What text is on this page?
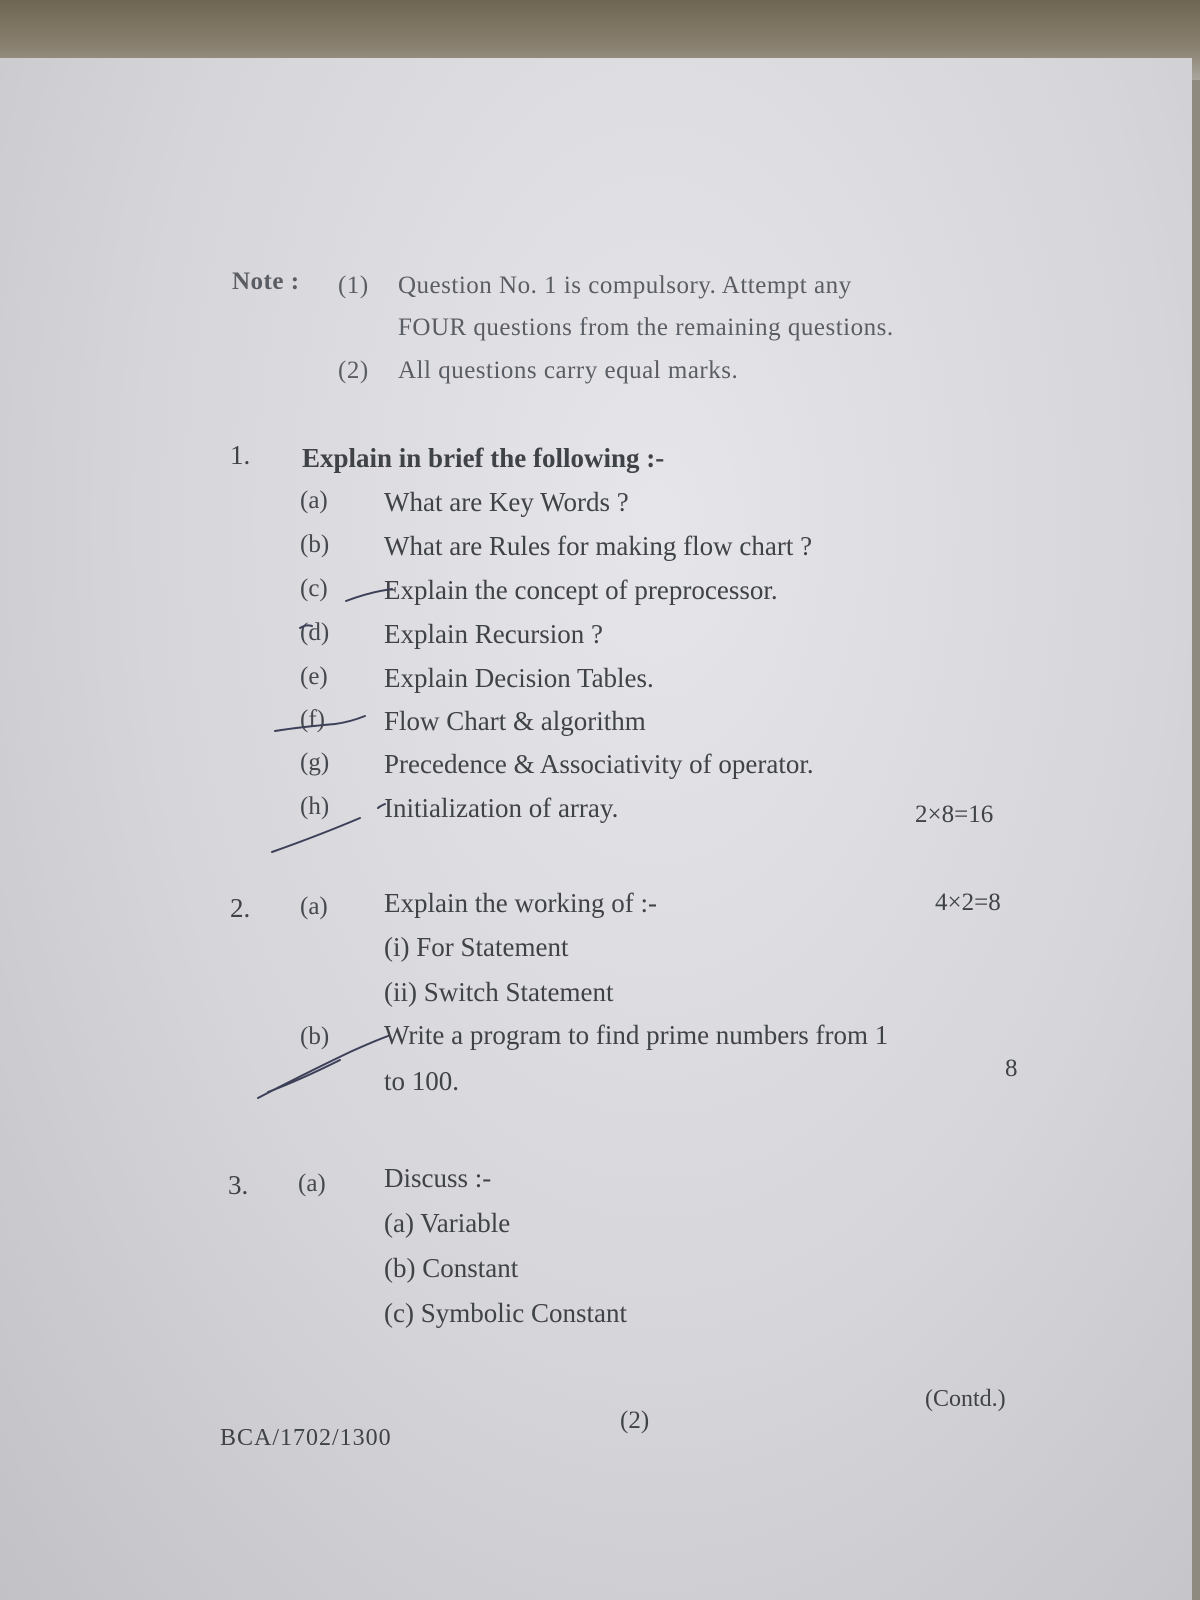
Note : (1) Question No. 1 is compulsory. Attempt any
FOUR questions from the remaining questions.
(2) All questions carry equal marks.
1. Explain in brief the following :-
(a) What are Key Words ?
(b) What are Rules for making flow chart ?
(c) Explain the concept of preprocessor.
(d) Explain Recursion ?
(e) Explain Decision Tables.
(f) Flow Chart & algorithm
(g) Precedence & Associativity of operator.
(h) Initialization of array.	2×8=16
2. (a) Explain the working of :-	4×2=8
(i) For Statement
(ii) Switch Statement
(b) Write a program to find prime numbers from 1
to 100.	8
3. (a) Discuss :-
(a) Variable
(b) Constant
(c) Symbolic Constant
BCA/1702/1300
(2)
(Contd.)
